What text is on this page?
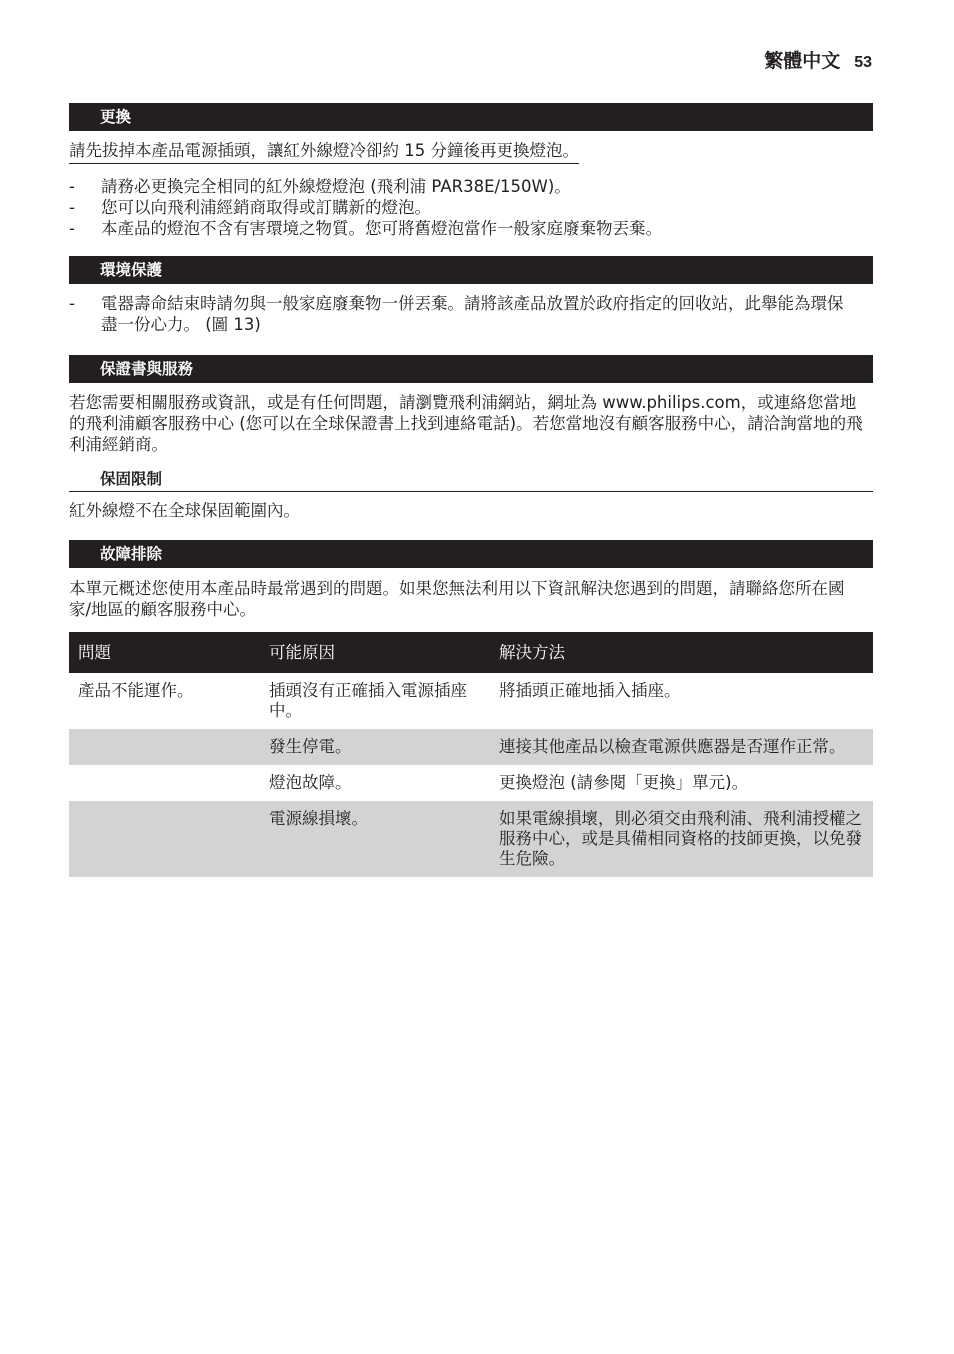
繁體中文 53
更換
請先拔掉本產品電源插頭，讓紅外線燈冷卻約 15 分鐘後再更換燈泡。
- 請務必更換完全相同的紅外線燈燈泡 (飛利浦 PAR38E/150W)。
- 您可以向飛利浦經銷商取得或訂購新的燈泡。
- 本產品的燈泡不含有害環境之物質。您可將舊燈泡當作一般家庭廢棄物丟棄。
環境保護
- 電器壽命結束時請勿與一般家庭廢棄物一併丟棄。請將該產品放置於政府指定的回收站，此舉能為環保盡一份心力。 (圖 13)
保證書與服務
若您需要相關服務或資訊，或是有任何問題，請瀏覽飛利浦網站，網址為 www.philips.com，或連絡您當地的飛利浦顧客服務中心 (您可以在全球保證書上找到連絡電話)。若您當地沒有顧客服務中心，請洽詢當地的飛利浦經銷商。
保固限制
紅外線燈不在全球保固範圍內。
故障排除
本單元概述您使用本產品時最常遇到的問題。如果您無法利用以下資訊解決您遇到的問題，請聯絡您所在國家/地區的顧客服務中心。
問題	可能原因	解決方法
產品不能運作。	插頭沒有正確插入電源插座中。	將插頭正確地插入插座。
	發生停電。	連接其他產品以檢查電源供應器是否運作正常。
	燈泡故障。	更換燈泡 (請參閱「更換」單元)。
	電源線損壞。	如果電線損壞，則必須交由飛利浦、飛利浦授權之服務中心，或是具備相同資格的技師更換，以免發生危險。
